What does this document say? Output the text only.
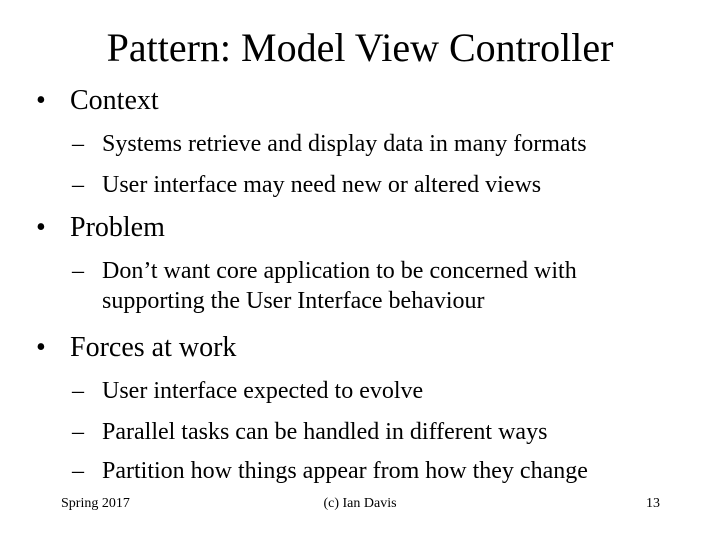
Pattern: Model View Controller
• Context
– Systems retrieve and display data in many formats
– User interface may need new or altered views
• Problem
– Don’t want core application to be concerned with
supporting the User Interface behaviour
• Forces at work
– User interface expected to evolve
– Parallel tasks can be handled in different ways
– Partition how things appear from how they change
Spring 2017	(c) Ian Davis	13
